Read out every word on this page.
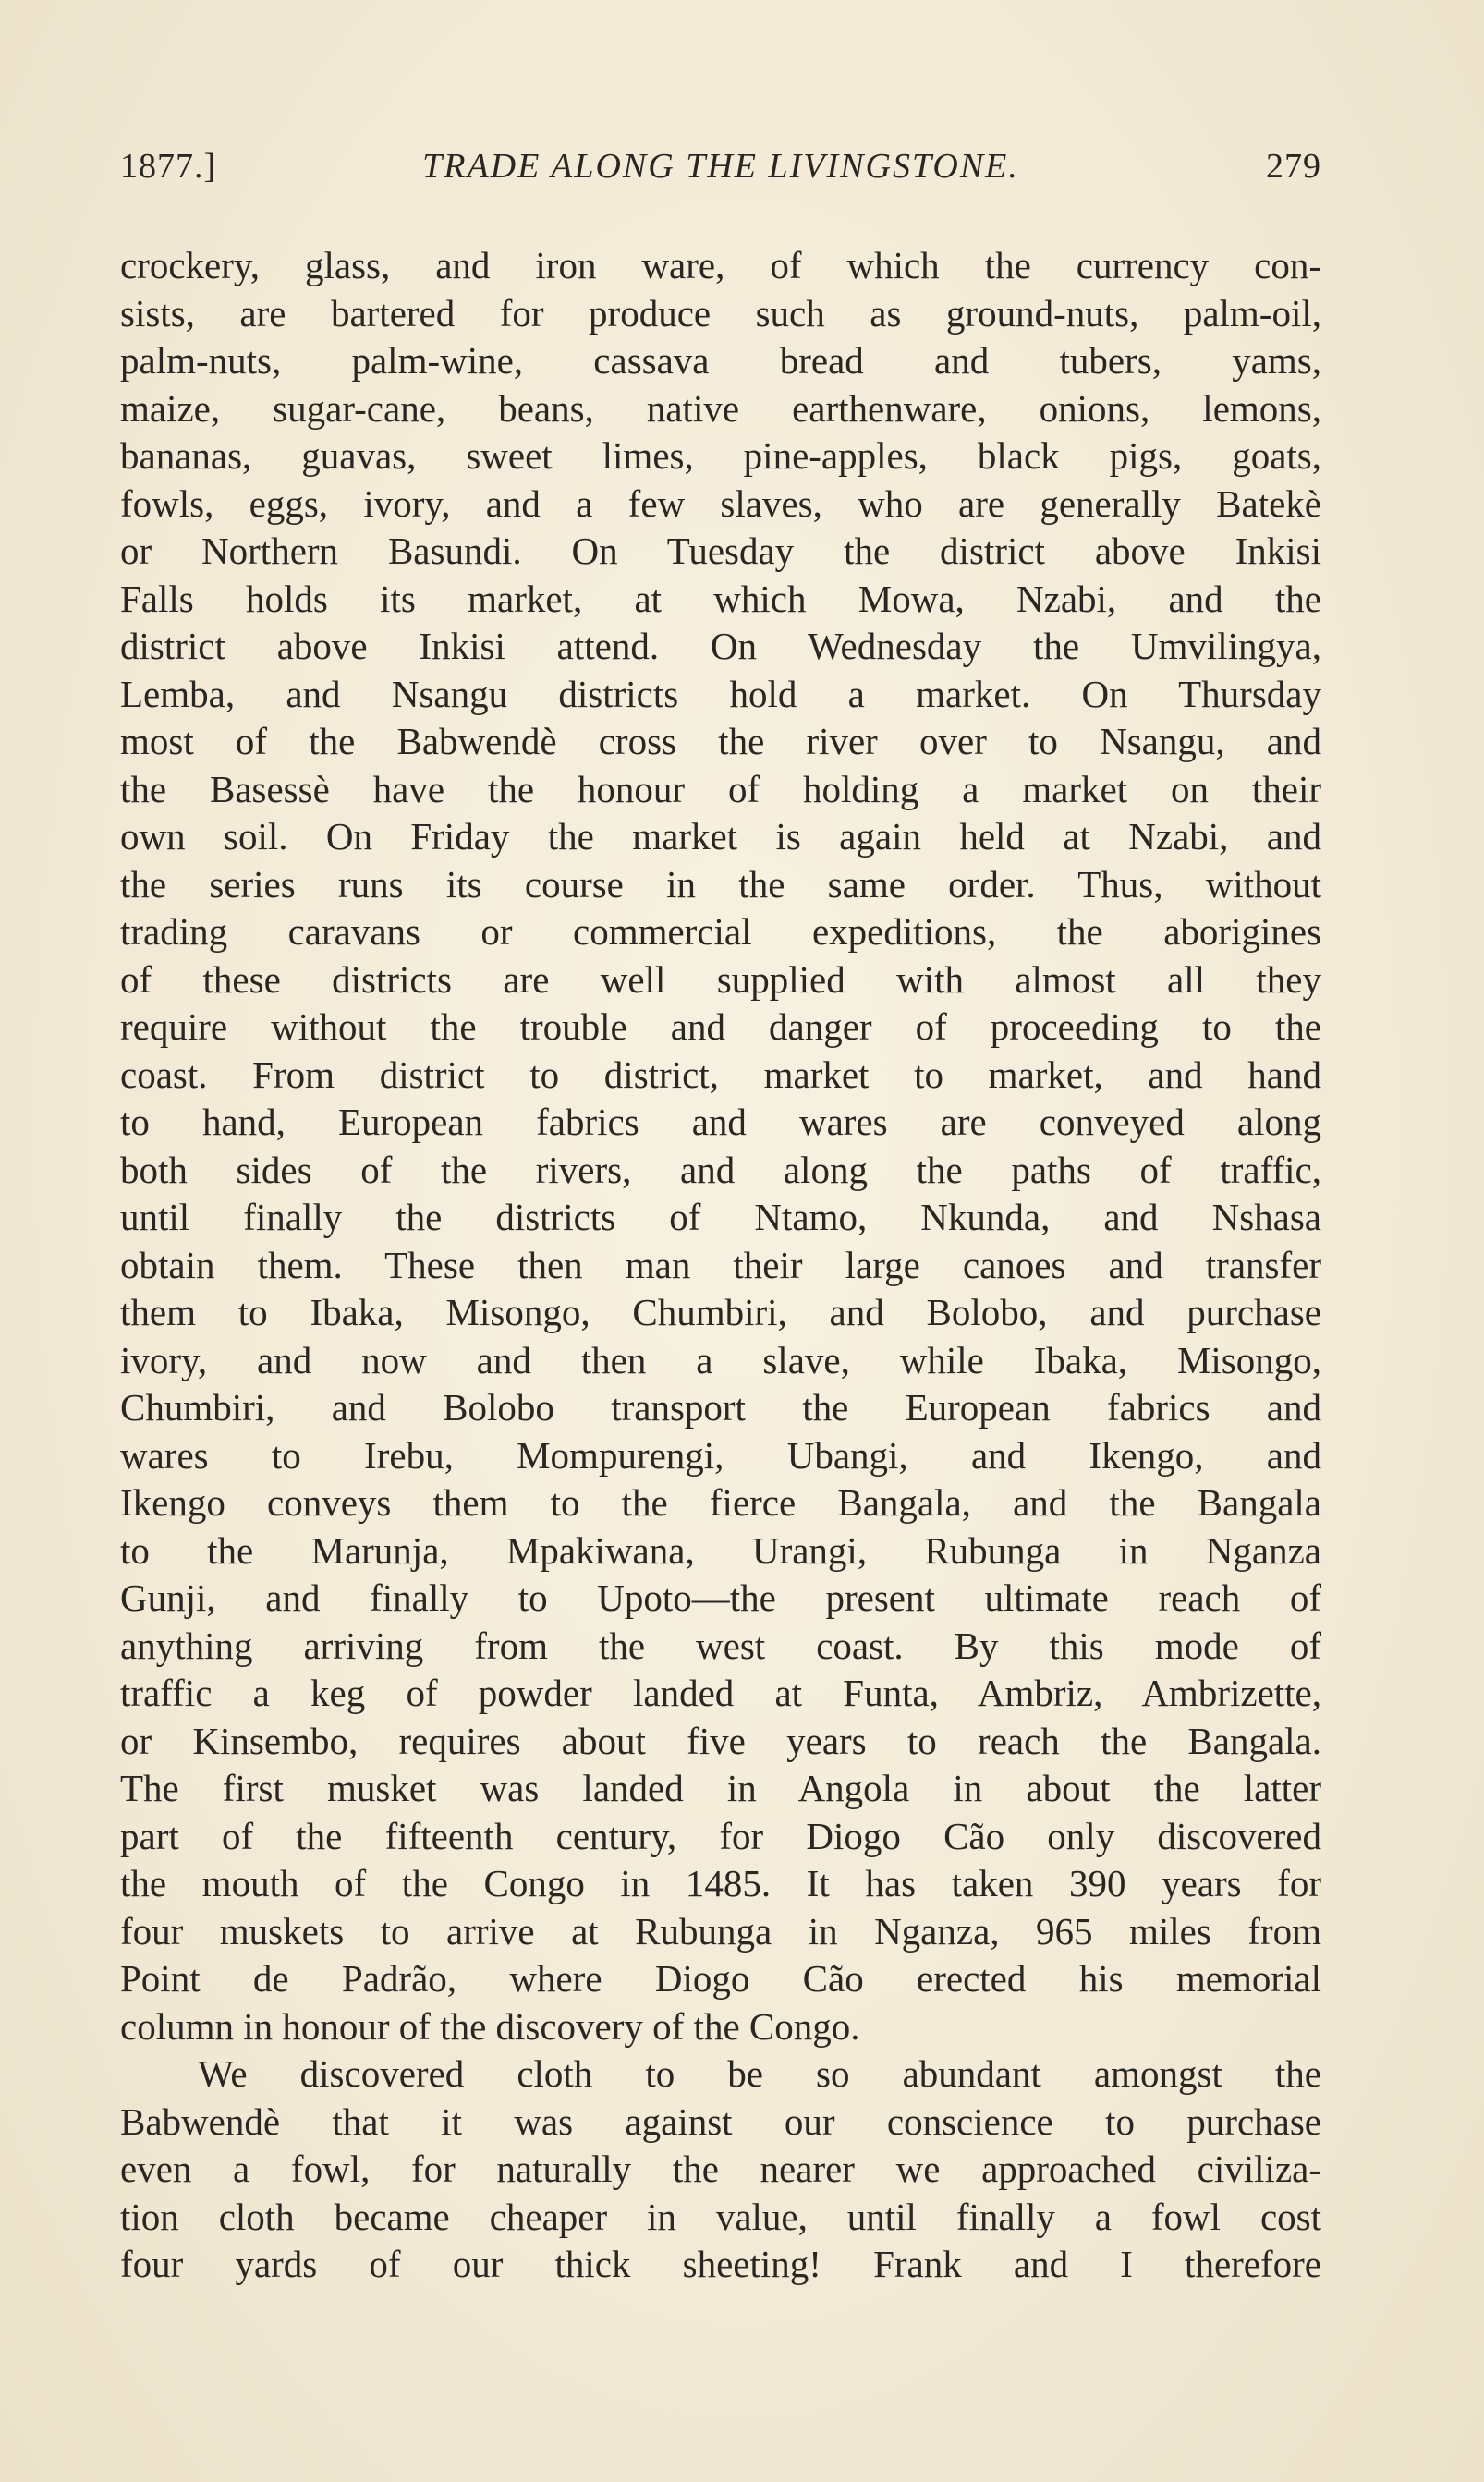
1877.]	TRADE ALONG THE LIVINGSTONE.	279
crockery, glass, and iron ware, of which the currency con-
sists, are bartered for produce such as ground-nuts, palm-oil,
palm-nuts, palm-wine, cassava bread and tubers, yams,
maize, sugar-cane, beans, native earthenware, onions, lemons,
bananas, guavas, sweet limes, pine-apples, black pigs, goats,
fowls, eggs, ivory, and a few slaves, who are generally Batekè
or Northern Basundi. On Tuesday the district above Inkisi
Falls holds its market, at which Mowa, Nzabi, and the
district above Inkisi attend. On Wednesday the Umvilingya,
Lemba, and Nsangu districts hold a market. On Thursday
most of the Babwendè cross the river over to Nsangu, and
the Basessè have the honour of holding a market on their
own soil. On Friday the market is again held at Nzabi, and
the series runs its course in the same order. Thus, without
trading caravans or commercial expeditions, the aborigines
of these districts are well supplied with almost all they
require without the trouble and danger of proceeding to the
coast. From district to district, market to market, and hand
to hand, European fabrics and wares are conveyed along
both sides of the rivers, and along the paths of traffic,
until finally the districts of Ntamo, Nkunda, and Nshasa
obtain them. These then man their large canoes and transfer
them to Ibaka, Misongo, Chumbiri, and Bolobo, and purchase
ivory, and now and then a slave, while Ibaka, Misongo,
Chumbiri, and Bolobo transport the European fabrics and
wares to Irebu, Mompurengi, Ubangi, and Ikengo, and
Ikengo conveys them to the fierce Bangala, and the Bangala
to the Marunja, Mpakiwana, Urangi, Rubunga in Nganza
Gunji, and finally to Upoto—the present ultimate reach of
anything arriving from the west coast. By this mode of
traffic a keg of powder landed at Funta, Ambriz, Ambrizette,
or Kinsembo, requires about five years to reach the Bangala.
The first musket was landed in Angola in about the latter
part of the fifteenth century, for Diogo Cão only discovered
the mouth of the Congo in 1485. It has taken 390 years for
four muskets to arrive at Rubunga in Nganza, 965 miles from
Point de Padrão, where Diogo Cão erected his memorial
column in honour of the discovery of the Congo.
We discovered cloth to be so abundant amongst the
Babwendè that it was against our conscience to purchase
even a fowl, for naturally the nearer we approached civiliza-
tion cloth became cheaper in value, until finally a fowl cost
four yards of our thick sheeting! Frank and I therefore
